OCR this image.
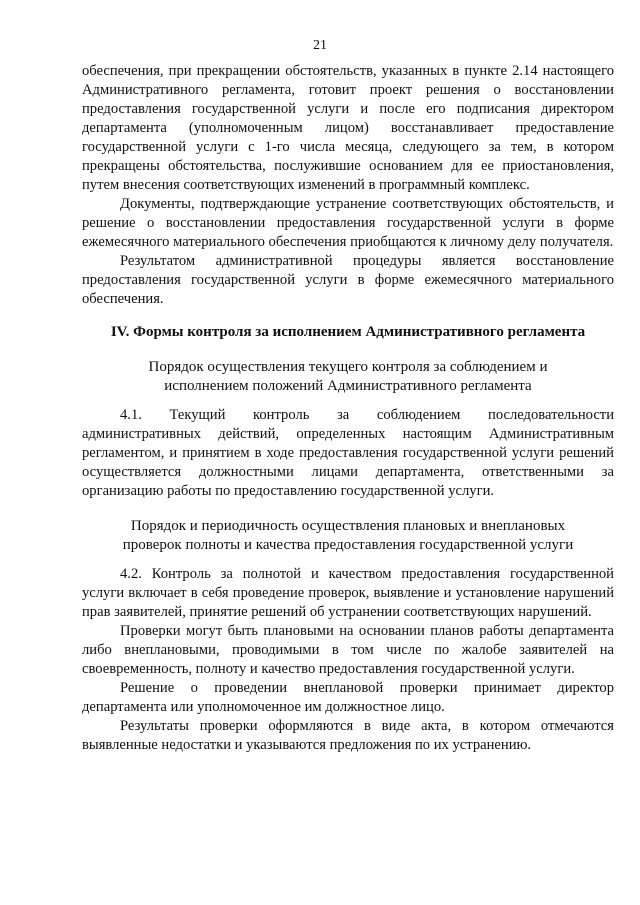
21

обеспечения, при прекращении обстоятельств, указанных в пункте 2.14 настоящего Административного регламента, готовит проект решения о восстановлении предоставления государственной услуги и после его подписания директором департамента (уполномоченным лицом) восстанавливает предоставление государственной услуги с 1-го числа месяца, следующего за тем, в котором прекращены обстоятельства, послужившие основанием для ее приостановления, путем внесения соответствующих изменений в программный комплекс.

Документы, подтверждающие устранение соответствующих обстоятельств, и решение о восстановлении предоставления государственной услуги в форме ежемесячного материального обеспечения приобщаются к личному делу получателя.

Результатом административной процедуры является восстановление предоставления государственной услуги в форме ежемесячного материального обеспечения.

IV. Формы контроля за исполнением Административного регламента
Порядок осуществления текущего контроля за соблюдением и исполнением положений Административного регламента

4.1. Текущий контроль за соблюдением последовательности административных действий, определенных настоящим Административным регламентом, и принятием в ходе предоставления государственной услуги решений осуществляется должностными лицами департамента, ответственными за организацию работы по предоставлению государственной услуги.

Порядок и периодичность осуществления плановых и внеплановых проверок полноты и качества предоставления государственной услуги

4.2. Контроль за полнотой и качеством предоставления государственной услуги включает в себя проведение проверок, выявление и установление нарушений прав заявителей, принятие решений об устранении соответствующих нарушений.

Проверки могут быть плановыми на основании планов работы департамента либо внеплановыми, проводимыми в том числе по жалобе заявителей на своевременность, полноту и качество предоставления государственной услуги.

Решение о проведении внеплановой проверки принимает директор департамента или уполномоченное им должностное лицо.

Результаты проверки оформляются в виде акта, в котором отмечаются выявленные недостатки и указываются предложения по их устранению.
